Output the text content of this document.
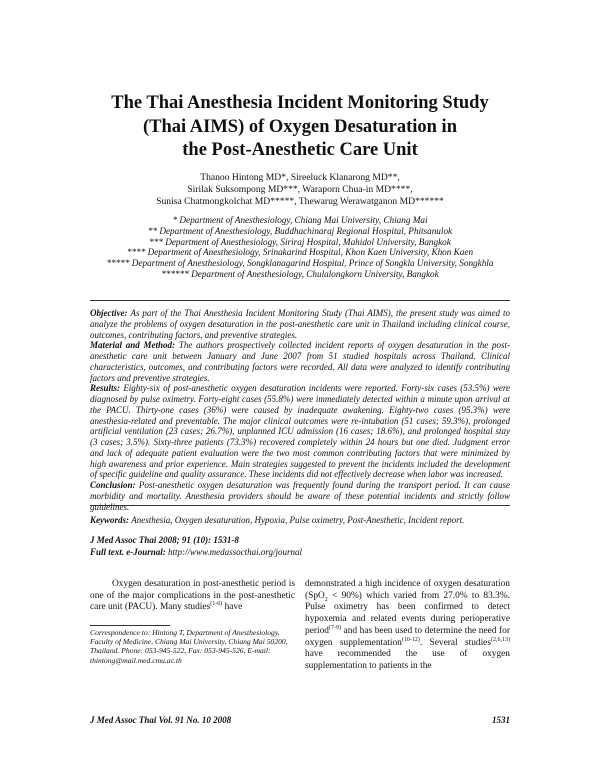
The Thai Anesthesia Incident Monitoring Study
(Thai AIMS) of Oxygen Desaturation in
the Post-Anesthetic Care Unit
Thanoo Hintong MD*, Sireeluck Klanarong MD**,
Sirilak Suksompong MD***, Waraporn Chua-in MD****,
Sunisa Chatmongkolchat MD*****, Thewarug Werawatganon MD******
* Department of Anesthesiology, Chiang Mai University, Chiang Mai
** Department of Anesthesiology, Buddhachinaraj Regional Hospital, Phitsanulok
*** Department of Anesthesiology, Siriraj Hospital, Mahidol University, Bangkok
**** Department of Anesthesiology, Srinakarind Hospital, Khon Kaen University, Khon Kaen
***** Department of Anesthesiology, Songklanagarind Hospital, Prince of Songkla University, Songkhla
****** Department of Anesthesiology, Chulalongkorn University, Bangkok

Objective: As part of the Thai Anesthesia Incident Monitoring Study (Thai AIMS), the present study was aimed to analyze the problems of oxygen desaturation in the post-anesthetic care unit in Thailand including clinical course, outcomes, contributing factors, and preventive strategies.

Material and Method: The authors prospectively collected incident reports of oxygen desaturation in the post-anesthetic care unit between January and June 2007 from 51 studied hospitals across Thailand. Clinical characteristics, outcomes, and contributing factors were recorded. All data were analyzed to identify contributing factors and preventive strategies.

Results: Eighty-six of post-anesthetic oxygen desaturation incidents were reported. Forty-six cases (53.5%) were diagnosed by pulse oximetry. Forty-eight cases (55.8%) were immediately detected within a minute upon arrival at the PACU. Thirty-one cases (36%) were caused by inadequate awakening. Eighty-two cases (95.3%) were anesthesia-related and preventable. The major clinical outcomes were re-intubation (51 cases; 59.3%), prolonged artificial ventilation (23 cases; 26.7%), unplanned ICU admission (16 cases; 18.6%), and prolonged hospital stay (3 cases; 3.5%). Sixty-three patients (73.3%) recovered completely within 24 hours but one died. Judgment error and lack of adequate patient evaluation were the two most common contributing factors that were minimized by high awareness and prior experience. Main strategies suggested to prevent the incidents included the development of specific guideline and quality assurance. These incidents did not effectively decrease when labor was increased.

Conclusion: Post-anesthetic oxygen desaturation was frequently found during the transport period. It can cause morbidity and mortality. Anesthesia providers should be aware of these potential incidents and strictly follow guidelines.

Keywords: Anesthesia, Oxygen desaturation, Hypoxia, Pulse oximetry, Post-Anesthetic, Incident report.
J Med Assoc Thai 2008; 91 (10): 1531-8
Full text. e-Journal: http://www.medassocthai.org/journal

Oxygen desaturation in post-anesthetic period is one of the major complications in the post-anesthetic care unit (PACU). Many studies$^{(1-6)}$ have

Correspondence to: Hintong T, Department of Anesthesiology, Faculty of Medicine, Chiang Mai University, Chiang Mai 50200, Thailand. Phone: 053-945-522, Fax: 053-945-526, E-mail: thintong@mail.med.cmu.ac.th

demonstrated a high incidence of oxygen desaturation (SpO$_2$ < 90%) which varied from 27.0% to 83.3%. Pulse oximetry has been confirmed to detect hypoxemia and related events during perioperative period$^{(7-9)}$ and has been used to determine the need for oxygen supplementation$^{(10-12)}$. Several studies$^{(2,6,13)}$ have recommended the use of oxygen supplementation to patients in the

J Med Assoc Thai Vol. 91 No. 10 2008	1531
